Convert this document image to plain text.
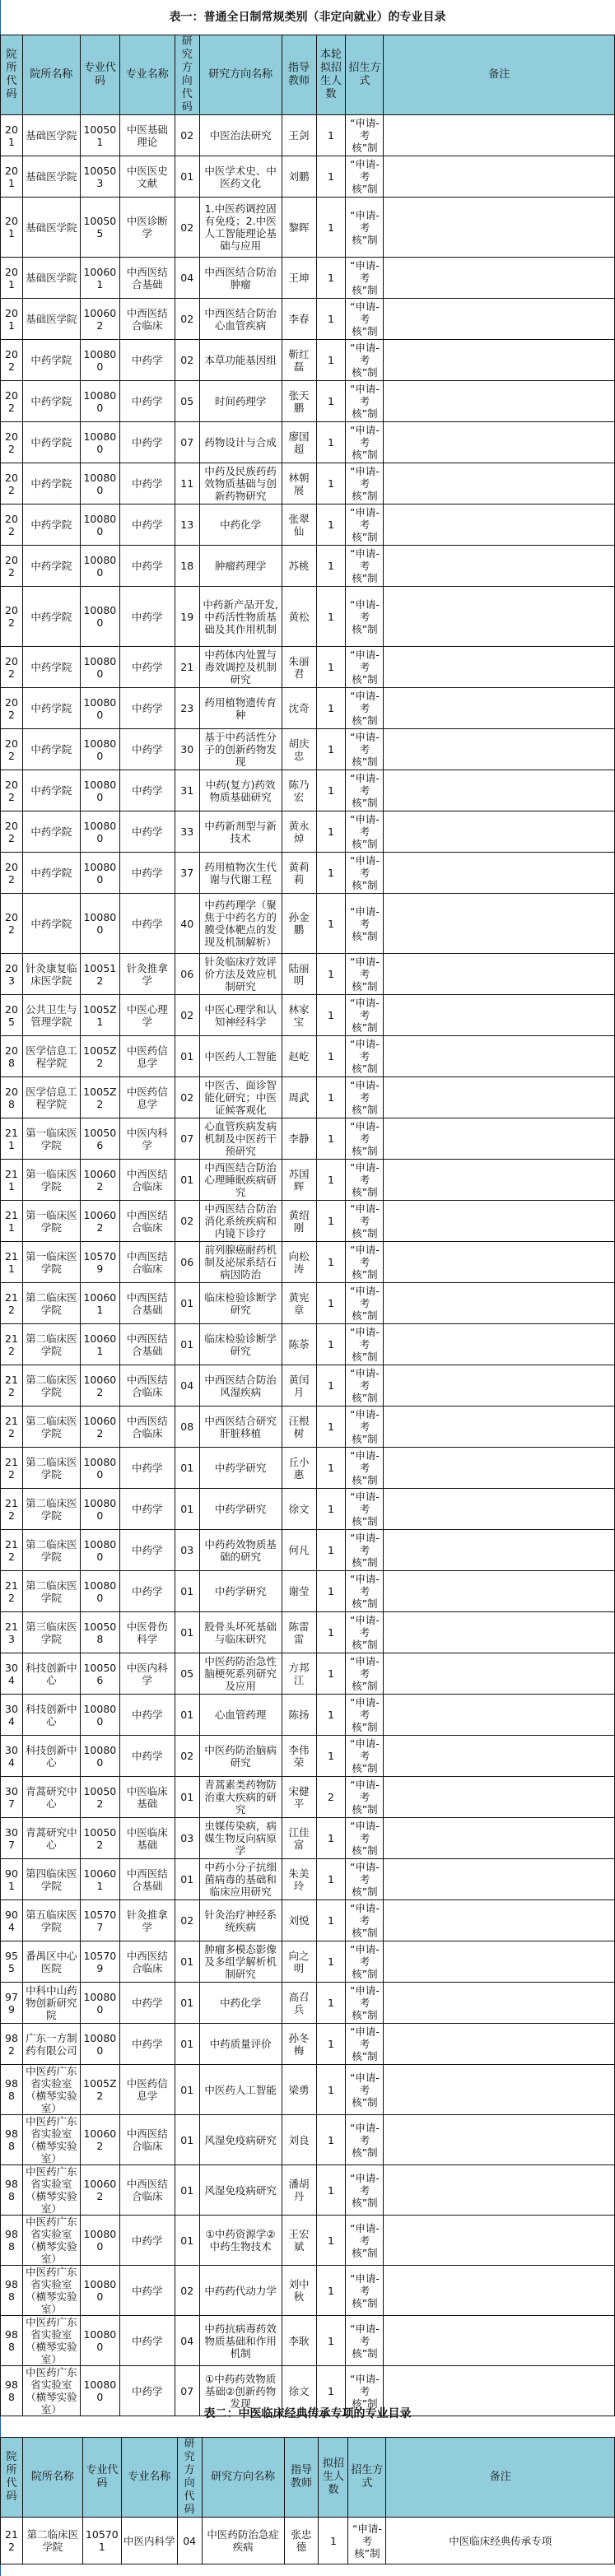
表一：普通全日制常规类别（非定向就业）的专业目录
院所代码	院所名称	专业代码	专业名称	研究方向代码	研究方向名称	指导教师	本轮拟招生人数	招生方式	备注
201	基础医学院	100501	中医基础理论	02	中医治法研究	王剑	1	“申请-考核”制	
201	基础医学院	100503	中医医史文献	01	中医学术史、中医药文化	刘鹏	1	“申请-考核”制	
201	基础医学院	100505	中医诊断学	02	1.中医药调控固有免疫；2.中医人工智能理论基础与应用	黎晖	1	“申请-考核”制	
201	基础医学院	100601	中西医结合基础	04	中西医结合防治肿瘤	王坤	1	“申请-考核”制	
201	基础医学院	100602	中西医结合临床	02	中西医结合防治心血管疾病	李春	1	“申请-考核”制	
202	中药学院	100800	中药学	02	本草功能基因组	靳红磊	1	“申请-考核”制	
202	中药学院	100800	中药学	05	时间药理学	张天鹏	1	“申请-考核”制	
202	中药学院	100800	中药学	07	药物设计与合成	廖国超	1	“申请-考核”制	
202	中药学院	100800	中药学	11	中药及民族药药效物质基础与创新药物研究	林朝展	1	“申请-考核”制	
202	中药学院	100800	中药学	13	中药化学	张翠仙	1	“申请-考核”制	
202	中药学院	100800	中药学	18	肿瘤药理学	苏桃	1	“申请-考核”制	
202	中药学院	100800	中药学	19	中药新产品开发,中药活性物质基础及其作用机制	黄松	1	“申请-考核”制	
202	中药学院	100800	中药学	21	中药体内处置与毒效调控及机制研究	朱丽君	1	“申请-考核”制	
202	中药学院	100800	中药学	23	药用植物遗传育种	沈奇	1	“申请-考核”制	
202	中药学院	100800	中药学	30	基于中药活性分子的创新药物发现	胡庆忠	1	“申请-考核”制	
202	中药学院	100800	中药学	31	中药(复方)药效物质基础研究	陈乃宏	1	“申请-考核”制	
202	中药学院	100800	中药学	33	中药新剂型与新技术	黄永焯	1	“申请-考核”制	
202	中药学院	100800	中药学	37	药用植物次生代谢与代谢工程	黄莉莉	1	“申请-考核”制	
202	中药学院	100800	中药学	40	中药药理学（聚焦于中药名方的膜受体靶点的发现及机制解析）	孙金鹏	1	“申请-考核”制	
203	针灸康复临床医学院	100512	针灸推拿学	06	针灸临床疗效评价方法及效应机制研究	陆丽明	1	“申请-考核”制	
205	公共卫生与管理学院	1005Z1	中医心理学	02	中医心理学和认知神经科学	林家宝	1	“申请-考核”制	
208	医学信息工程学院	1005Z2	中医药信息学	01	中医药人工智能	赵屹	1	“申请-考核”制	
208	医学信息工程学院	1005Z2	中医药信息学	02	中医舌、面诊智能化研究；中医证候客观化	周武	1	“申请-考核”制	
211	第一临床医学院	100506	中医内科学	07	心血管疾病发病机制及中医药干预研究	李静	1	“申请-考核”制	
211	第一临床医学院	100602	中西医结合临床	01	中西医结合防治心理睡眠疾病研究	苏国辉	1	“申请-考核”制	
211	第一临床医学院	100602	中西医结合临床	02	中西医结合防治消化系统疾病和内镜下诊疗	黄绍刚	1	“申请-考核”制	
211	第一临床医学院	105709	中西医结合临床	06	前列腺癌耐药机制及泌尿系结石病因防治	向松涛	1	“申请-考核”制	
212	第二临床医学院	100601	中西医结合基础	01	临床检验诊断学研究	黄宪章	1	“申请-考核”制	
212	第二临床医学院	100601	中西医结合基础	01	临床检验诊断学研究	陈荼	1	“申请-考核”制	
212	第二临床医学院	100602	中西医结合临床	04	中西医结合防治风湿疾病	黄闰月	1	“申请-考核”制	
212	第二临床医学院	100602	中西医结合临床	08	中西医结合研究肝脏移植	汪根树	1	“申请-考核”制	
212	第二临床医学院	100800	中药学	01	中药学研究	丘小惠	1	“申请-考核”制	
212	第二临床医学院	100800	中药学	01	中药学研究	徐文	1	“申请-考核”制	
212	第二临床医学院	100800	中药学	03	中药药效物质基础的研究	何凡	1	“申请-考核”制	
212	第二临床医学院	100800	中药学	01	中药学研究	谢莹	1	“申请-考核”制	
213	第三临床医学院	100508	中医骨伤科学	01	股骨头坏死基础与临床研究	陈雷雷	1	“申请-考核”制	
304	科技创新中心	100506	中医内科学	05	中医药防治急性脑梗死系列研究及应用	方邦江	1	“申请-考核”制	
304	科技创新中心	100800	中药学	01	心血管药理	陈扬	1	“申请-考核”制	
304	科技创新中心	100800	中药学	02	中医药防治脑病研究	李伟荣	1	“申请-考核”制	
307	青蒿研究中心	100502	中医临床基础	01	青蒿素类药物防治重大疾病的研究	宋健平	2	“申请-考核”制	
307	青蒿研究中心	100502	中医临床基础	03	虫媒传染病，病媒生物反向病原学	江佳富	1	“申请-考核”制	
901	第四临床医学院	100601	中西医结合基础	01	中药小分子抗细菌病毒的基础和临床应用研究	朱美玲	1	“申请-考核”制	
904	第五临床医学院	105707	针灸推拿学	02	针灸治疗神经系统疾病	刘悦	1	“申请-考核”制	
955	番禺区中心医院	105709	中西医结合临床	01	肿瘤多模态影像及多组学解析机制研究	向之明	1	“申请-考核”制	
979	中科中山药物创新研究院	100800	中药学	01	中药化学	高召兵	1	“申请-考核”制	
982	广东一方制药有限公司	100800	中药学	01	中药质量评价	孙冬梅	1	“申请-考核”制	
988	中医药广东省实验室（横琴实验室）	1005Z2	中医药信息学	01	中医药人工智能	梁勇	1	“申请-考核”制	
988	中医药广东省实验室（横琴实验室）	100602	中西医结合临床	01	风湿免疫病研究	刘良	1	“申请-考核”制	
988	中医药广东省实验室（横琴实验室）	100602	中西医结合临床	01	风湿免疫病研究	潘胡丹	1	“申请-考核”制	
988	中医药广东省实验室（横琴实验室）	100800	中药学	01	①中药资源学②中药生物技术	王宏斌	1	“申请-考核”制	
988	中医药广东省实验室（横琴实验室）	100800	中药学	02	中药药代动力学	刘中秋	1	“申请-考核”制	
988	中医药广东省实验室（横琴实验室）	100800	中药学	04	中药抗病毒药效物质基础和作用机制	李耿	1	“申请-考核”制	
988	中医药广东省实验室（横琴实验室）	100800	中药学	07	①中药药效物质基础②创新药物发现	徐文	1	“申请-考核”制	
表二：中医临床经典传承专项的专业目录
院所代码	院所名称	专业代码	专业名称	研究方向代码	研究方向名称	指导教师	拟招生人数	招生方式	备注
212	第二临床医学院	105701	中医内科学	04	中医药防治急症疾病	张忠德	1	“申请-考核”制	中医临床经典传承专项
